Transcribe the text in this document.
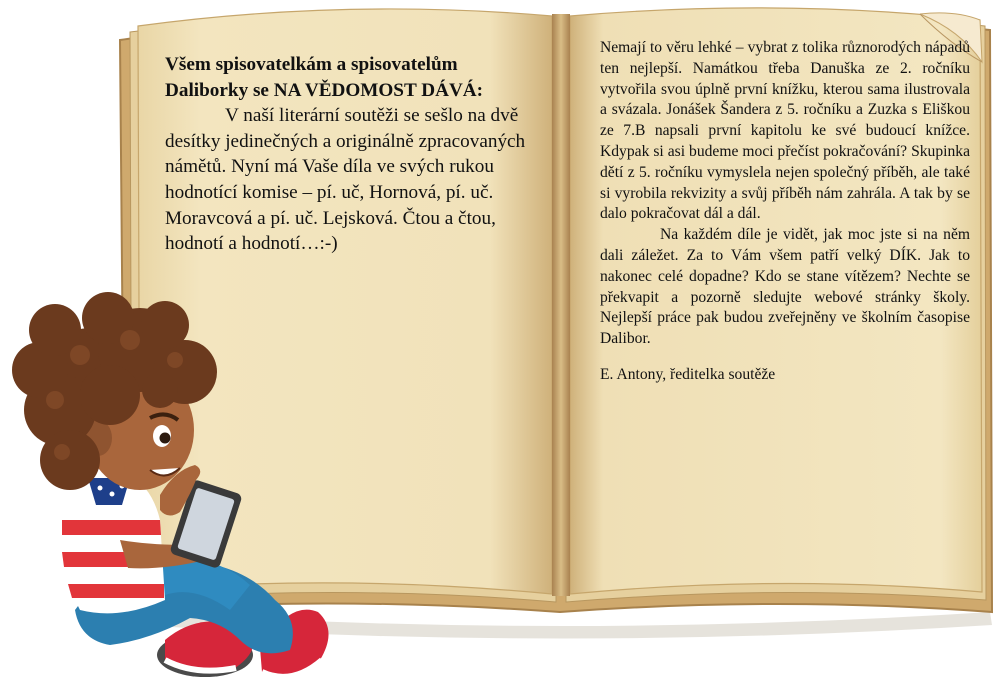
Všem spisovatelkám a spisovatelům Daliborky se NA VĚDOMOST DÁVÁ:
V naší literární soutěži se sešlo na dvě desítky jedinečných a originálně zpracovaných námětů. Nyní má Vaše díla ve svých rukou hodnotící komise – pí. uč, Hornová, pí. uč. Moravcová a pí. uč. Lejsková. Čtou a čtou, hodnotí a hodnotí…:-)

Nemají to věru lehké – vybrat z tolika různorodých nápadů ten nejlepší. Namátkou třeba Danuška ze 2. ročníku vytvořila svou úplně první knížku, kterou sama ilustrovala a svázala. Jonášek Šandera z 5. ročníku a Zuzka s Eliškou ze 7.B napsali první kapitolu ke své budoucí knížce. Kdypak si asi budeme moci přečíst pokračování? Skupinka dětí z 5. ročníku vymyslela nejen společný příběh, ale také si vyrobila rekvizity a svůj příběh nám zahrála. A tak by se dalo pokračovat dál a dál.

Na každém díle je vidět, jak moc jste si na něm dali záležet. Za to Vám všem patří velký DÍK. Jak to nakonec celé dopadne? Kdo se stane vítězem? Nechte se překvapit a pozorně sledujte webové stránky školy. Nejlepší práce pak budou zveřejněny ve školním časopise Dalibor.

E. Antony, ředitelka soutěže
